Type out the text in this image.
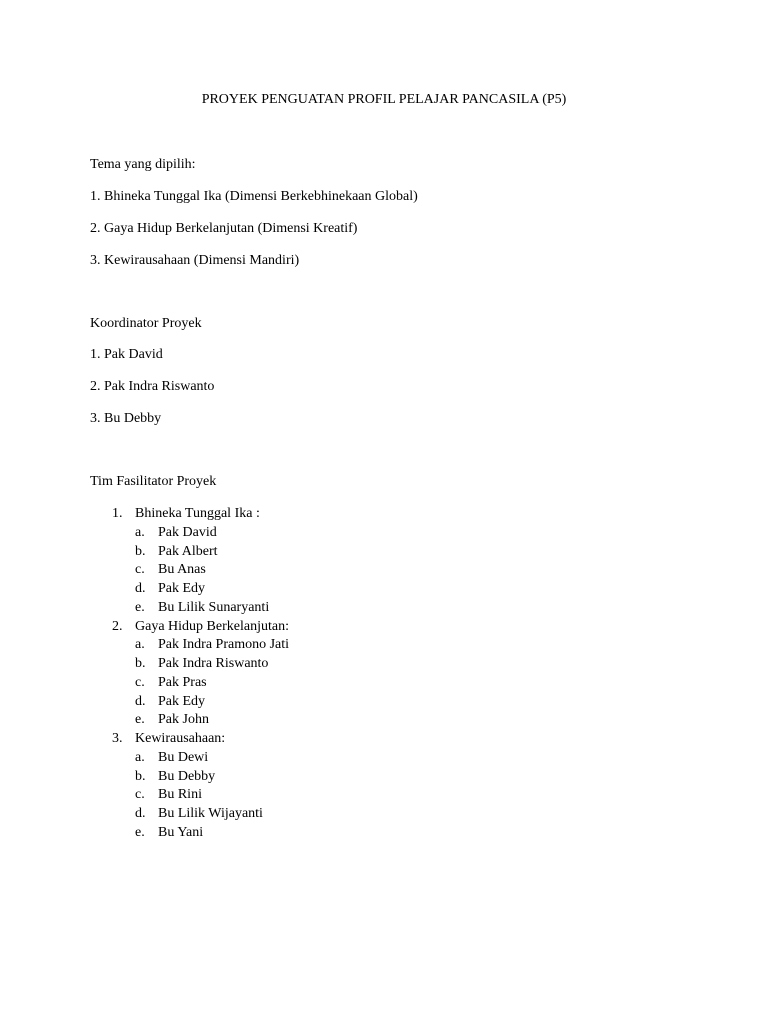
PROYEK PENGUATAN PROFIL PELAJAR PANCASILA (P5)
Tema yang dipilih:
1. Bhineka Tunggal Ika (Dimensi Berkebhinekaan Global)
2. Gaya Hidup Berkelanjutan (Dimensi Kreatif)
3. Kewirausahaan (Dimensi Mandiri)
Koordinator Proyek
1. Pak David
2. Pak Indra Riswanto
3. Bu Debby
Tim Fasilitator Proyek
1. Bhineka Tunggal Ika :
a. Pak David
b. Pak Albert
c. Bu Anas
d. Pak Edy
e. Bu Lilik Sunaryanti
2. Gaya Hidup Berkelanjutan:
a. Pak Indra Pramono Jati
b. Pak Indra Riswanto
c. Pak Pras
d. Pak Edy
e. Pak John
3. Kewirausahaan:
a. Bu Dewi
b. Bu Debby
c. Bu Rini
d. Bu Lilik Wijayanti
e. Bu Yani
